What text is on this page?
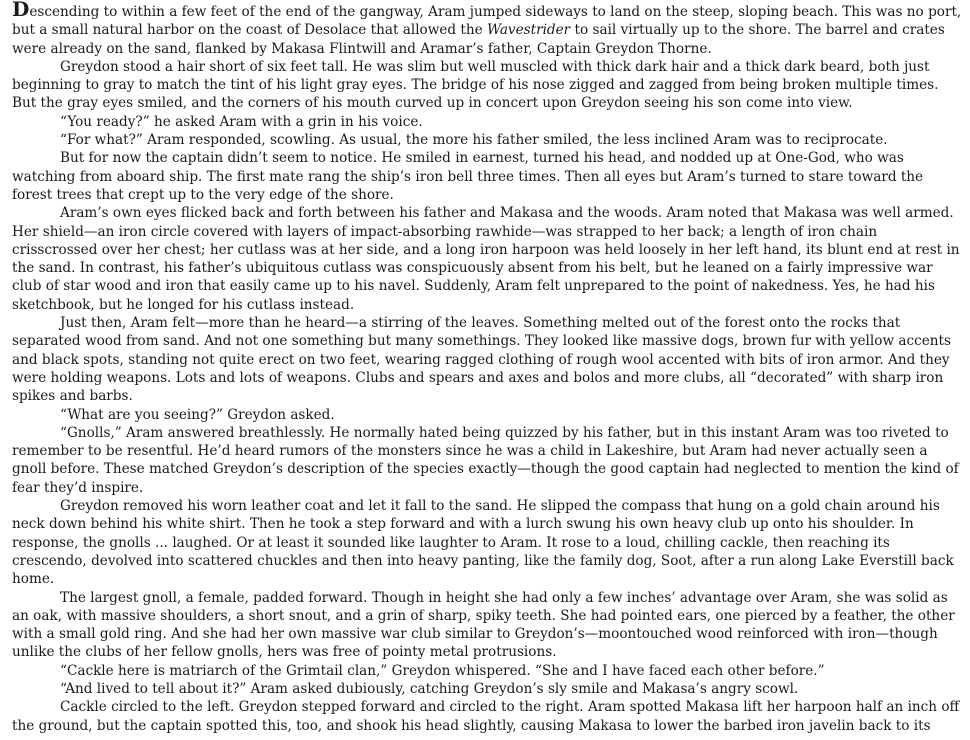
Descending to within a few feet of the end of the gangway, Aram jumped sideways to land on the steep, sloping beach. This was no port, but a small natural harbor on the coast of Desolace that allowed the Wavestrider to sail virtually up to the shore. The barrel and crates were already on the sand, flanked by Makasa Flintwill and Aramar’s father, Captain Greydon Thorne.

Greydon stood a hair short of six feet tall. He was slim but well muscled with thick dark hair and a thick dark beard, both just beginning to gray to match the tint of his light gray eyes. The bridge of his nose zigged and zagged from being broken multiple times. But the gray eyes smiled, and the corners of his mouth curved up in concert upon Greydon seeing his son come into view.

“You ready?” he asked Aram with a grin in his voice.

“For what?” Aram responded, scowling. As usual, the more his father smiled, the less inclined Aram was to reciprocate.

But for now the captain didn’t seem to notice. He smiled in earnest, turned his head, and nodded up at One-God, who was watching from aboard ship. The first mate rang the ship’s iron bell three times. Then all eyes but Aram’s turned to stare toward the forest trees that crept up to the very edge of the shore.

Aram’s own eyes flicked back and forth between his father and Makasa and the woods. Aram noted that Makasa was well armed. Her shield—an iron circle covered with layers of impact-absorbing rawhide—was strapped to her back; a length of iron chain crisscrossed over her chest; her cutlass was at her side, and a long iron harpoon was held loosely in her left hand, its blunt end at rest in the sand. In contrast, his father’s ubiquitous cutlass was conspicuously absent from his belt, but he leaned on a fairly impressive war club of star wood and iron that easily came up to his navel. Suddenly, Aram felt unprepared to the point of nakedness. Yes, he had his sketchbook, but he longed for his cutlass instead.

Just then, Aram felt—more than he heard—a stirring of the leaves. Something melted out of the forest onto the rocks that separated wood from sand. And not one something but many somethings. They looked like massive dogs, brown fur with yellow accents and black spots, standing not quite erect on two feet, wearing ragged clothing of rough wool accented with bits of iron armor. And they were holding weapons. Lots and lots of weapons. Clubs and spears and axes and bolos and more clubs, all “decorated” with sharp iron spikes and barbs.

“What are you seeing?” Greydon asked.

“Gnolls,” Aram answered breathlessly. He normally hated being quizzed by his father, but in this instant Aram was too riveted to remember to be resentful. He’d heard rumors of the monsters since he was a child in Lakeshire, but Aram had never actually seen a gnoll before. These matched Greydon’s description of the species exactly—though the good captain had neglected to mention the kind of fear they’d inspire.

Greydon removed his worn leather coat and let it fall to the sand. He slipped the compass that hung on a gold chain around his neck down behind his white shirt. Then he took a step forward and with a lurch swung his own heavy club up onto his shoulder. In response, the gnolls ... laughed. Or at least it sounded like laughter to Aram. It rose to a loud, chilling cackle, then reaching its crescendo, devolved into scattered chuckles and then into heavy panting, like the family dog, Soot, after a run along Lake Everstill back home.

The largest gnoll, a female, padded forward. Though in height she had only a few inches’ advantage over Aram, she was solid as an oak, with massive shoulders, a short snout, and a grin of sharp, spiky teeth. She had pointed ears, one pierced by a feather, the other with a small gold ring. And she had her own massive war club similar to Greydon’s—moontouched wood reinforced with iron—though unlike the clubs of her fellow gnolls, hers was free of pointy metal protrusions.

“Cackle here is matriarch of the Grimtail clan,” Greydon whispered. “She and I have faced each other before.”

“And lived to tell about it?” Aram asked dubiously, catching Greydon’s sly smile and Makasa’s angry scowl.

Cackle circled to the left. Greydon stepped forward and circled to the right. Aram spotted Makasa lift her harpoon half an inch off the ground, but the captain spotted this, too, and shook his head slightly, causing Makasa to lower the barbed iron javelin back to its
